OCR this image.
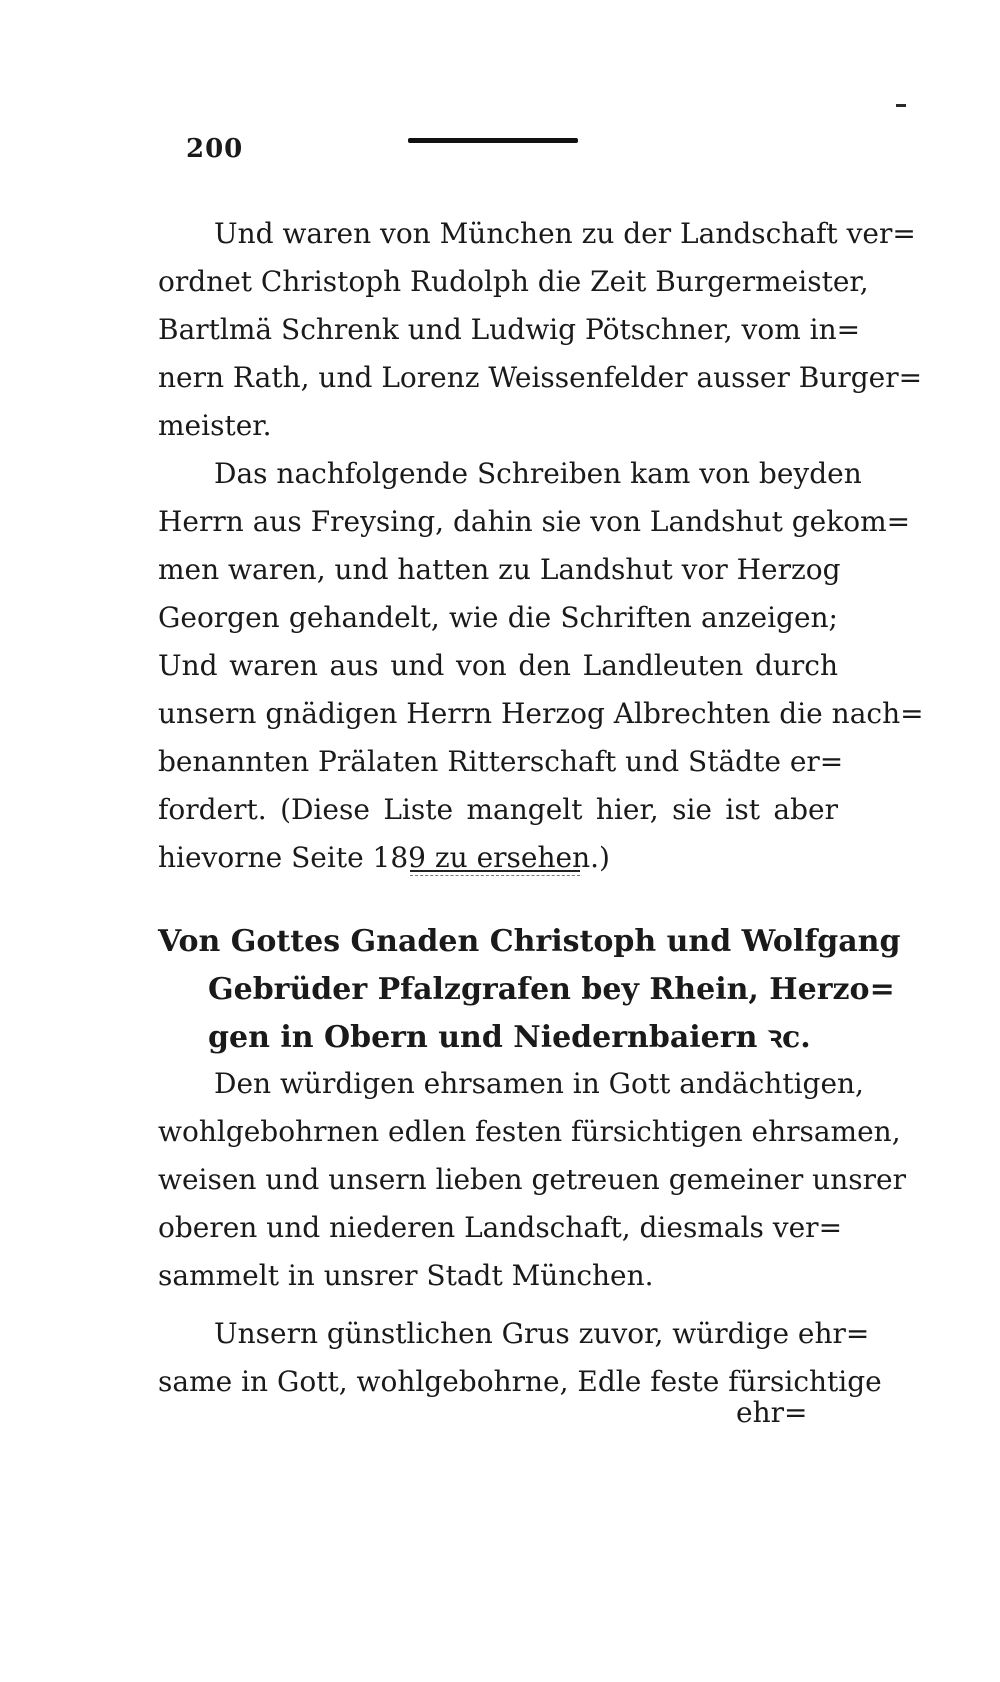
200
Und waren von München zu der Landschaft ver=
ordnet Christoph Rudolph die Zeit Burgermeister,
Bartlmä Schrenk und Ludwig Pötschner, vom in=
nern Rath, und Lorenz Weissenfelder ausser Burger=
meister.
Das nachfolgende Schreiben kam von beyden
Herrn aus Freysing, dahin sie von Landshut gekom=
men waren, und hatten zu Landshut vor Herzog
Georgen gehandelt, wie die Schriften anzeigen;
Und waren aus und von den Landleuten durch
unsern gnädigen Herrn Herzog Albrechten die nach=
benannten Prälaten Ritterschaft und Städte er=
fordert. (Diese Liste mangelt hier, sie ist aber
hievorne Seite 189 zu ersehen.)
Von Gottes Gnaden Christoph und Wolfgang
Gebrüder Pfalzgrafen bey Rhein, Herzo=
gen in Obern und Niedernbaiern ꝛc.
Den würdigen ehrsamen in Gott andächtigen,
wohlgebohrnen edlen festen fürsichtigen ehrsamen,
weisen und unsern lieben getreuen gemeiner unsrer
oberen und niederen Landschaft, diesmals ver=
sammelt in unsrer Stadt München.
Unsern günstlichen Grus zuvor, würdige ehr=
same in Gott, wohlgebohrne, Edle feste fürsichtige
ehr=
